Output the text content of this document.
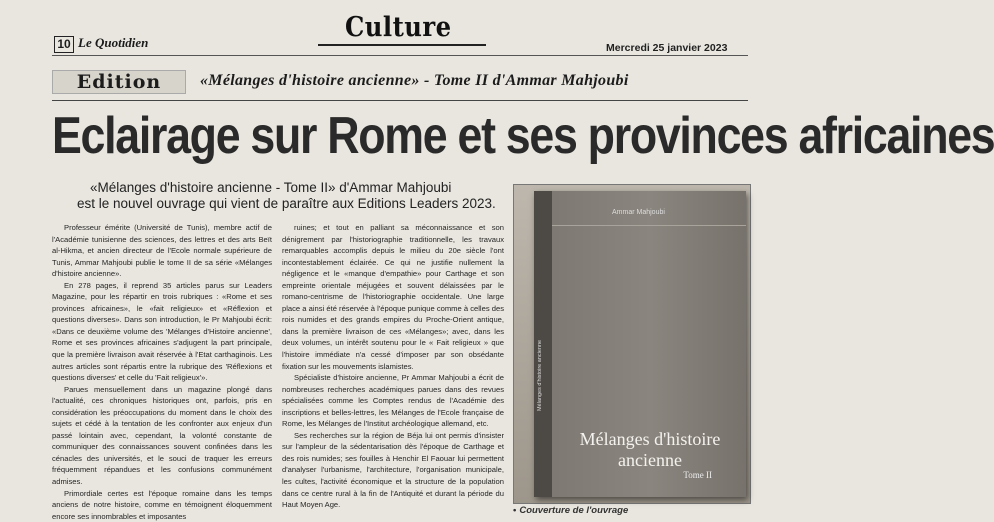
10 Le Quotidien	Culture
Mercredi 25 janvier 2023
Edition	«Mélanges d'histoire ancienne» - Tome II d'Ammar Mahjoubi
Eclairage sur Rome et ses provinces africaines
«Mélanges d'histoire ancienne - Tome II» d'Ammar Mahjoubi
est le nouvel ouvrage qui vient de paraître aux Editions Leaders 2023.

Professeur émérite (Université de Tunis), membre actif de l'Académie tunisienne des sciences, des lettres et des arts Beït al-Hikma, et ancien directeur de l'Ecole normale supérieure de Tunis, Ammar Mahjoubi publie le tome II de sa série «Mélanges d'histoire ancienne».

En 278 pages, il reprend 35 articles parus sur Leaders Magazine, pour les répartir en trois rubriques : «Rome et ses provinces africaines», le «fait religieux» et «Réflexion et questions diverses». Dans son introduction, le Pr Mahjoubi écrit: «Dans ce deuxième volume des 'Mélanges d'Histoire ancienne', Rome et ses provinces africaines s'adjugent la part principale, que la première livraison avait réservée à l'Etat carthaginois. Les autres articles sont répartis entre la rubrique des 'Réflexions et questions diverses' et celle du 'Fait religieux'».

Parues mensuellement dans un magazine plongé dans l'actualité, ces chroniques historiques ont, parfois, pris en considération les préoccupations du moment dans le choix des sujets et cédé à la tentation de les confronter aux enjeux d'un passé lointain avec, cependant, la volonté constante de communiquer des connaissances souvent confinées dans les cénacles des universités, et le souci de traquer les erreurs fréquemment répandues et les confusions communément admises.

Primordiale certes est l'époque romaine dans les temps anciens de notre histoire, comme en témoignent éloquemment encore ses innombrables et imposantes

ruines; et tout en palliant sa méconnaissance et son dénigrement par l'historiographie traditionnelle, les travaux remarquables accomplis depuis le milieu du 20e siècle l'ont incontestablement éclairée. Ce qui ne justifie nullement la négligence et le «manque d'empathie» pour Carthage et son empreinte orientale méjugées et souvent délaissées par le romano-centrisme de l'historiographie occidentale. Une large place a ainsi été réservée à l'époque punique comme à celles des rois numides et des grands empires du Proche-Orient antique, dans la première livraison de ces «Mélanges»; avec, dans les deux volumes, un intérêt soutenu pour le « Fait religieux » que l'histoire immédiate n'a cessé d'imposer par son obsédante fixation sur les mouvements islamistes.

Spécialiste d'histoire ancienne, Pr Ammar Mahjoubi a écrit de nombreuses recherches académiques parues dans des revues spécialisées comme les Comptes rendus de l'Académie des inscriptions et belles-lettres, les Mélanges de l'Ecole française de Rome, les Mélanges de l'Institut archéologique allemand, etc.

Ses recherches sur la région de Béja lui ont permis d'insister sur l'ampleur de la sédentarisation dès l'époque de Carthage et des rois numides; ses fouilles à Henchir El Faouar lui permettent d'analyser l'urbanisme, l'architecture, l'organisation municipale, les cultes, l'activité économique et la structure de la population dans ce centre rural à la fin de l'Antiquité et durant la période du Haut Moyen Age.

Mélanges d'histoire ancienne
Ammar Mahjoubi
Mélanges d'histoire ancienne
Tome II
• Couverture de l'ouvrage
